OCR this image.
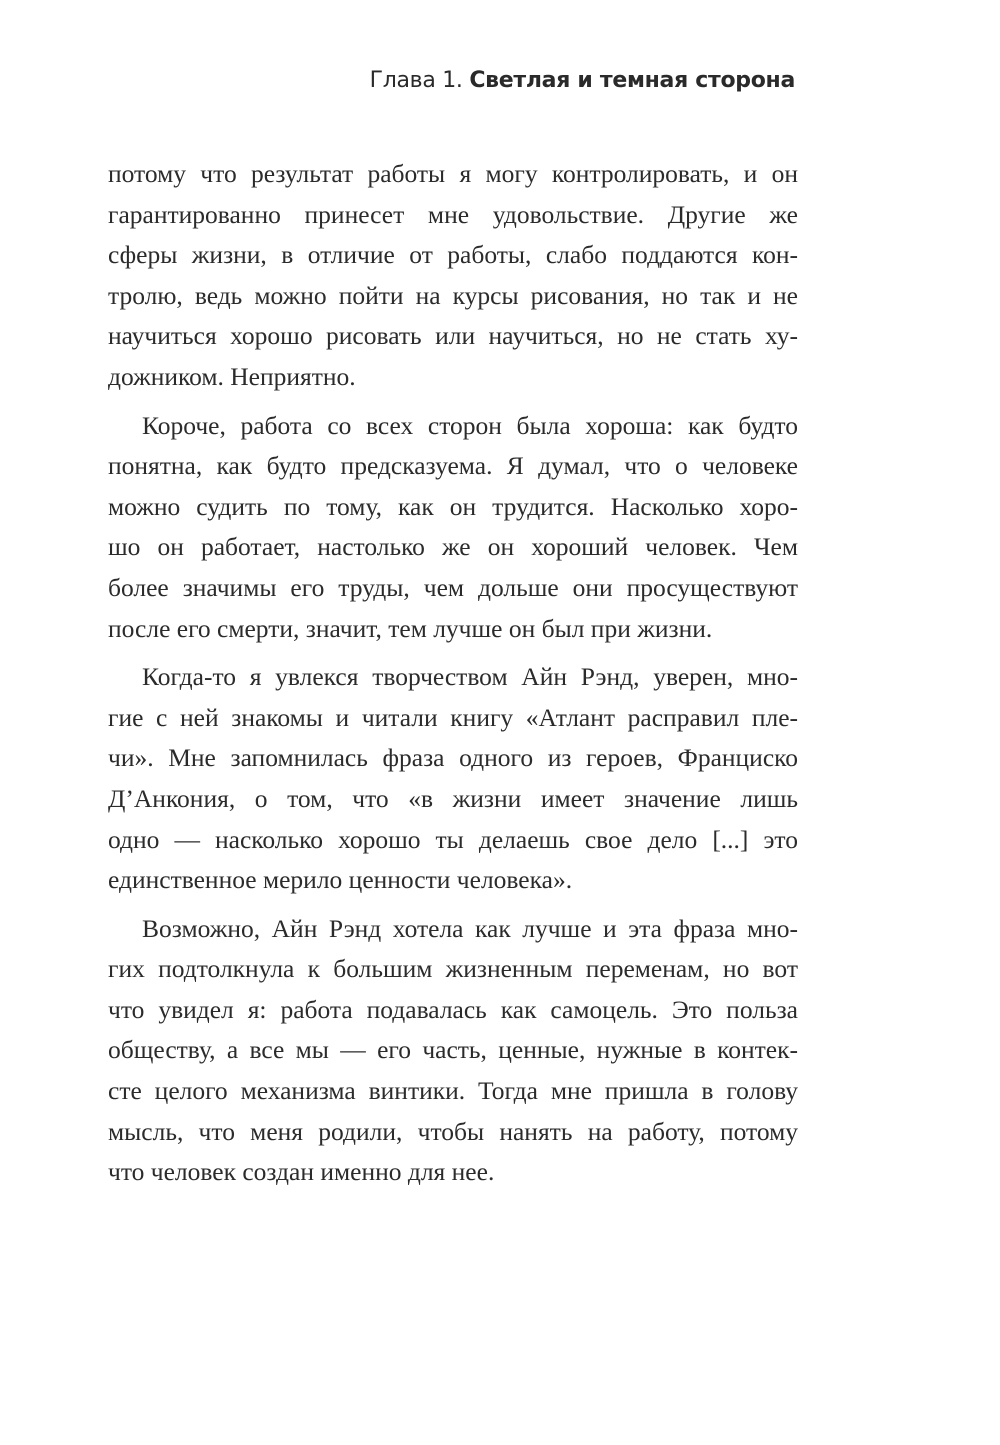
Глава 1. Светлая и темная сторона
потому что результат работы я могу контролировать, и он
гарантированно принесет мне удовольствие. Другие же
сферы жизни, в отличие от работы, слабо поддаются кон-
тролю, ведь можно пойти на курсы рисования, но так и не
научиться хорошо рисовать или научиться, но не стать ху-
дожником. Неприятно.
Короче, работа со всех сторон была хороша: как будто
понятна, как будто предсказуема. Я думал, что о человеке
можно судить по тому, как он трудится. Насколько хоро-
шо он работает, настолько же он хороший человек. Чем
более значимы его труды, чем дольше они просуществуют
после его смерти, значит, тем лучше он был при жизни.
Когда-то я увлекся творчеством Айн Рэнд, уверен, мно-
гие с ней знакомы и читали книгу «Атлант расправил пле-
чи». Мне запомнилась фраза одного из героев, Франциско
Д’Анкония, о том, что «в жизни имеет значение лишь
одно — насколько хорошо ты делаешь свое дело [...] это
единственное мерило ценности человека».
Возможно, Айн Рэнд хотела как лучше и эта фраза мно-
гих подтолкнула к большим жизненным переменам, но вот
что увидел я: работа подавалась как самоцель. Это польза
обществу, а все мы — его часть, ценные, нужные в контек-
сте целого механизма винтики. Тогда мне пришла в голову
мысль, что меня родили, чтобы нанять на работу, потому
что человек создан именно для нее.
